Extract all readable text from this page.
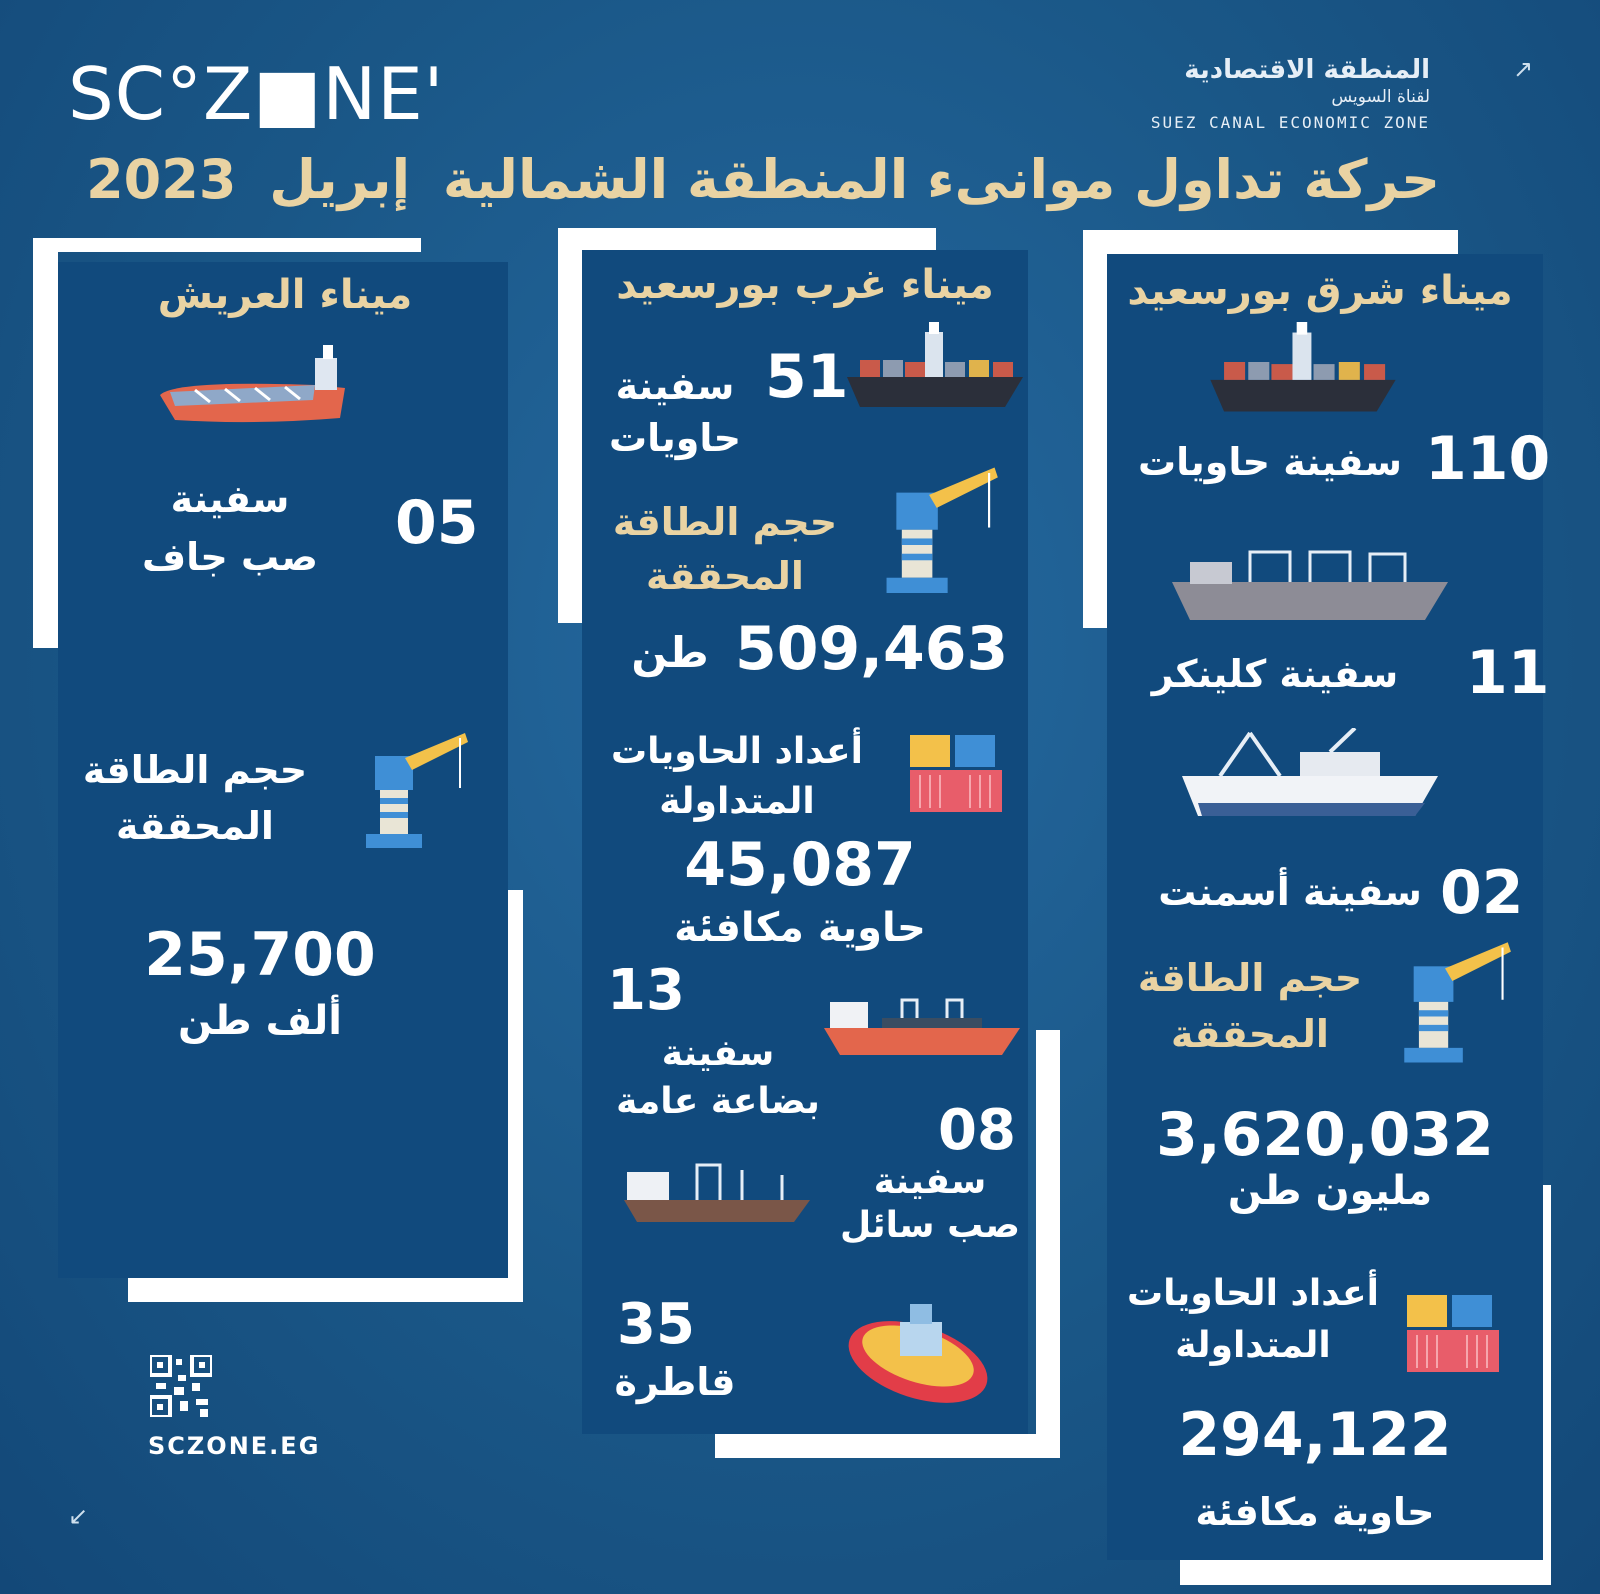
SC°Z■NE'	المنطقة الاقتصادية
لقناة السويس
SUEZ CANAL ECONOMIC ZONE
↗
حركة تداول موانىء المنطقة الشمالية إبريل 2023
ميناء العريش
سفينة
صب جاف	05
حجم الطاقة
المحققة
25,700
ألف طن
ميناء غرب بورسعيد
51
سفينة
حاويات
حجم الطاقة
المحققة
طن 509,463
أعداد الحاويات
المتداولة
45,087
حاوية مكافئة
13
سفينة
بضاعة عامة	08
سفينة
صب سائل
35
قاطرة
ميناء شرق بورسعيد
110
سفينة حاويات
11
سفينة كلينكر
02
سفينة أسمنت
حجم الطاقة
المحققة
3,620,032
مليون طن
أعداد الحاويات
المتداولة
294,122
حاوية مكافئة
SCZONE.EG
↙
